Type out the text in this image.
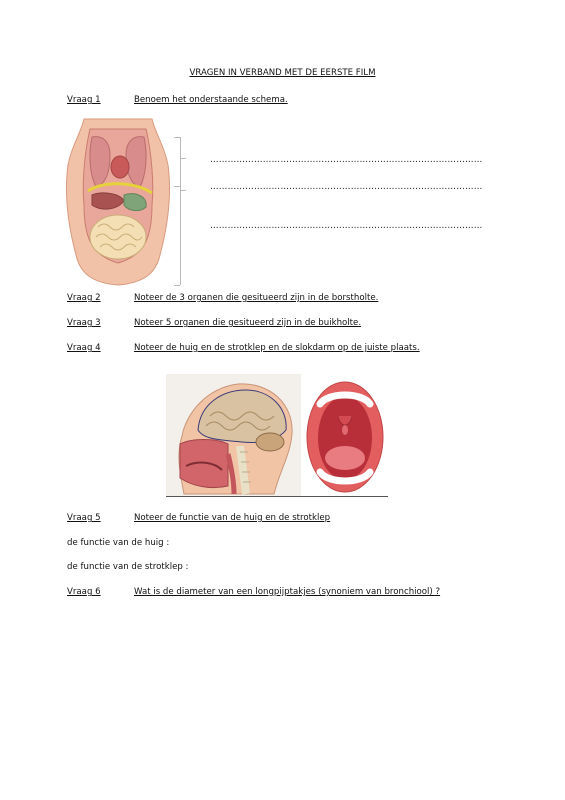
VRAGEN IN VERBAND MET DE EERSTE FILM
Vraag 1	Benoem het onderstaande schema.
…………………………………………………………………………………
…………………………………………………………………………………
…………………………………………………………………………………
Vraag 2	Noteer de 3 organen die gesitueerd zijn in de borstholte.
Vraag 3	Noteer 5 organen die gesitueerd zijn in de buikholte.
Vraag 4	Noteer de huig en de strotklep en de slokdarm op de juiste plaats.
Vraag 5	Noteer de functie van de huig en de strotklep
de functie van de huig :
de functie van de strotklep :
Vraag 6	Wat is de diameter van een longpijptakjes (synoniem van bronchiool) ?
